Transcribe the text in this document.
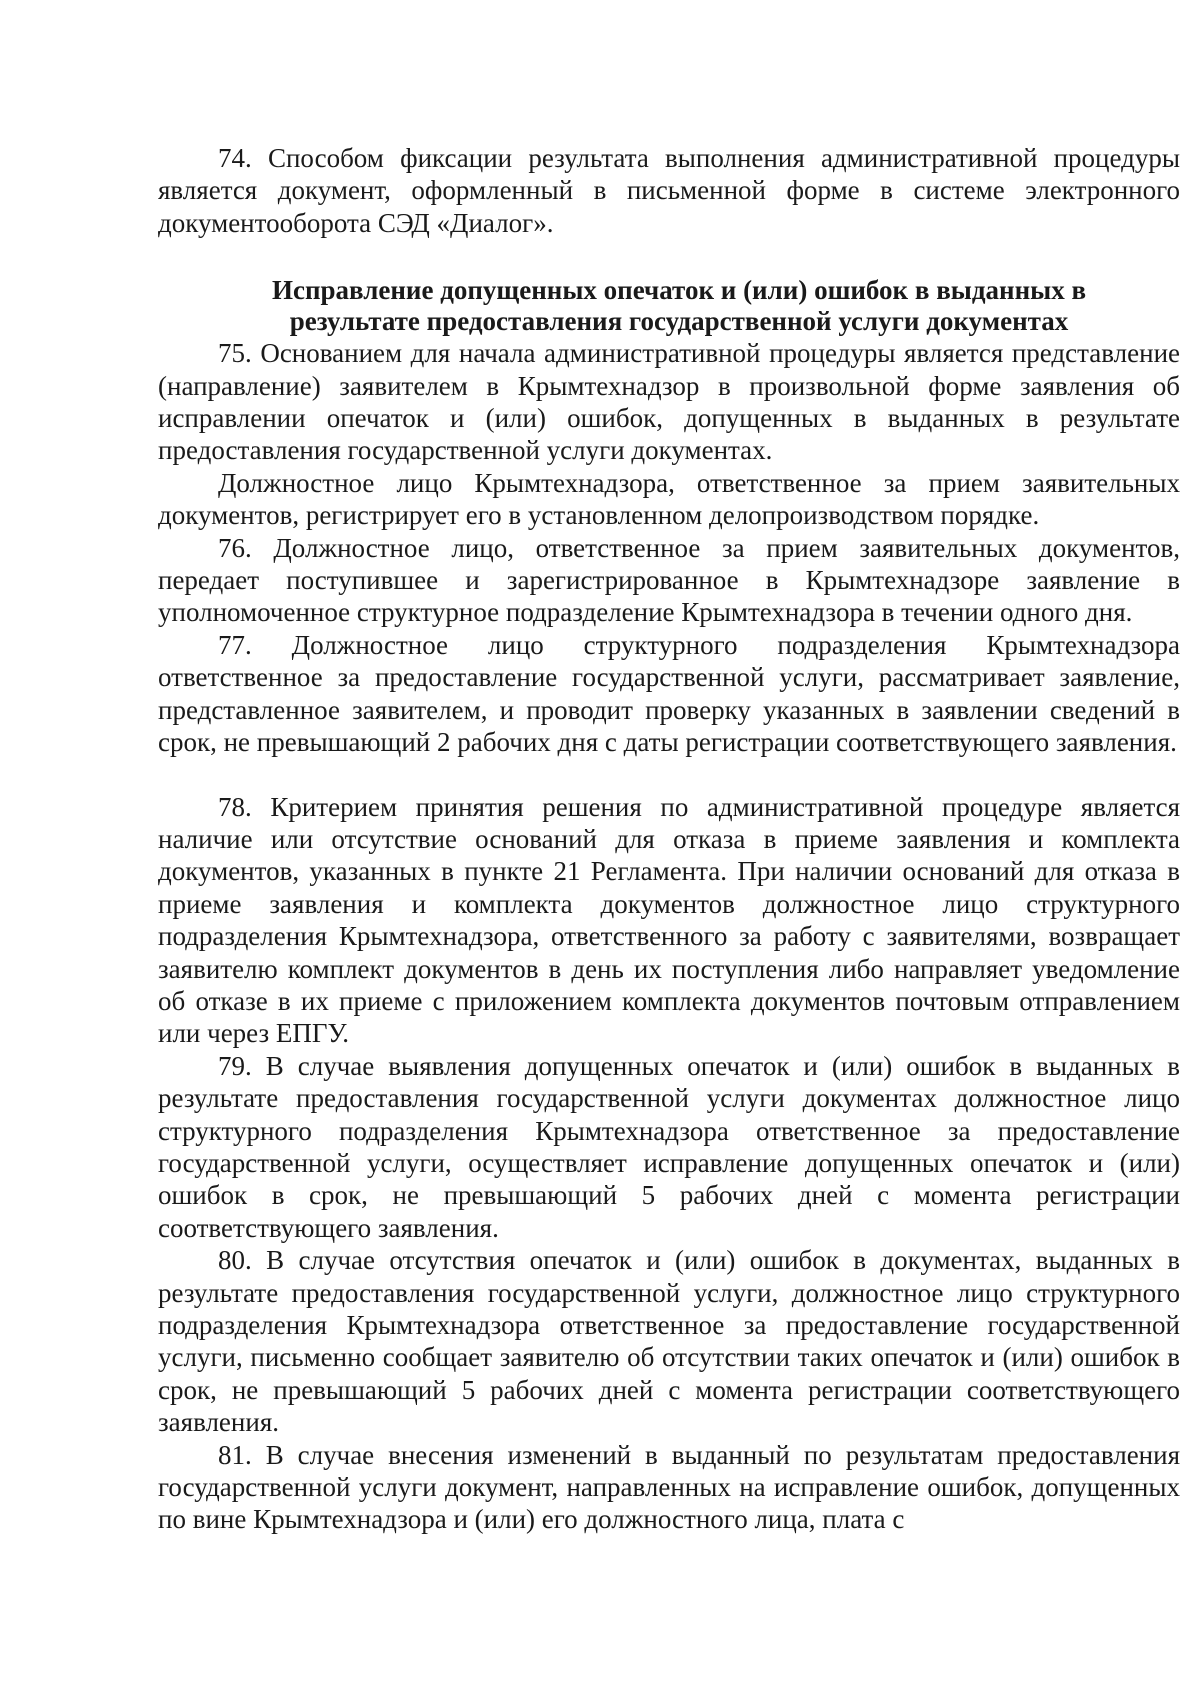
74. Способом фиксации результата выполнения административной процедуры является документ, оформленный в письменной форме в системе электронного документооборота СЭД «Диалог».

Исправление допущенных опечаток и (или) ошибок в выданных в результате предоставления государственной услуги документах

75. Основанием для начала административной процедуры является представление (направление) заявителем в Крымтехнадзор в произвольной форме заявления об исправлении опечаток и (или) ошибок, допущенных в выданных в результате предоставления государственной услуги документах.

Должностное лицо Крымтехнадзора, ответственное за прием заявительных документов, регистрирует его в установленном делопроизводством порядке.

76. Должностное лицо, ответственное за прием заявительных документов, передает поступившее и зарегистрированное в Крымтехнадзоре заявление в уполномоченное структурное подразделение Крымтехнадзора в течении одного дня.

77. Должностное лицо структурного подразделения Крымтехнадзора ответственное за предоставление государственной услуги, рассматривает заявление, представленное заявителем, и проводит проверку указанных в заявлении сведений в срок, не превышающий 2 рабочих дня с даты регистрации соответствующего заявления.

78. Критерием принятия решения по административной процедуре является наличие или отсутствие оснований для отказа в приеме заявления и комплекта документов, указанных в пункте 21 Регламента. При наличии оснований для отказа в приеме заявления и комплекта документов должностное лицо структурного подразделения Крымтехнадзора, ответственного за работу с заявителями, возвращает заявителю комплект документов в день их поступления либо направляет уведомление об отказе в их приеме с приложением комплекта документов почтовым отправлением или через ЕПГУ.

79. В случае выявления допущенных опечаток и (или) ошибок в выданных в результате предоставления государственной услуги документах должностное лицо структурного подразделения Крымтехнадзора ответственное за предоставление государственной услуги, осуществляет исправление допущенных опечаток и (или) ошибок в срок, не превышающий 5 рабочих дней с момента регистрации соответствующего заявления.

80. В случае отсутствия опечаток и (или) ошибок в документах, выданных в результате предоставления государственной услуги, должностное лицо структурного подразделения Крымтехнадзора ответственное за предоставление государственной услуги, письменно сообщает заявителю об отсутствии таких опечаток и (или) ошибок в срок, не превышающий 5 рабочих дней с момента регистрации соответствующего заявления.

81. В случае внесения изменений в выданный по результатам предоставления государственной услуги документ, направленных на исправление ошибок, допущенных по вине Крымтехнадзора и (или) его должностного лица, плата с
